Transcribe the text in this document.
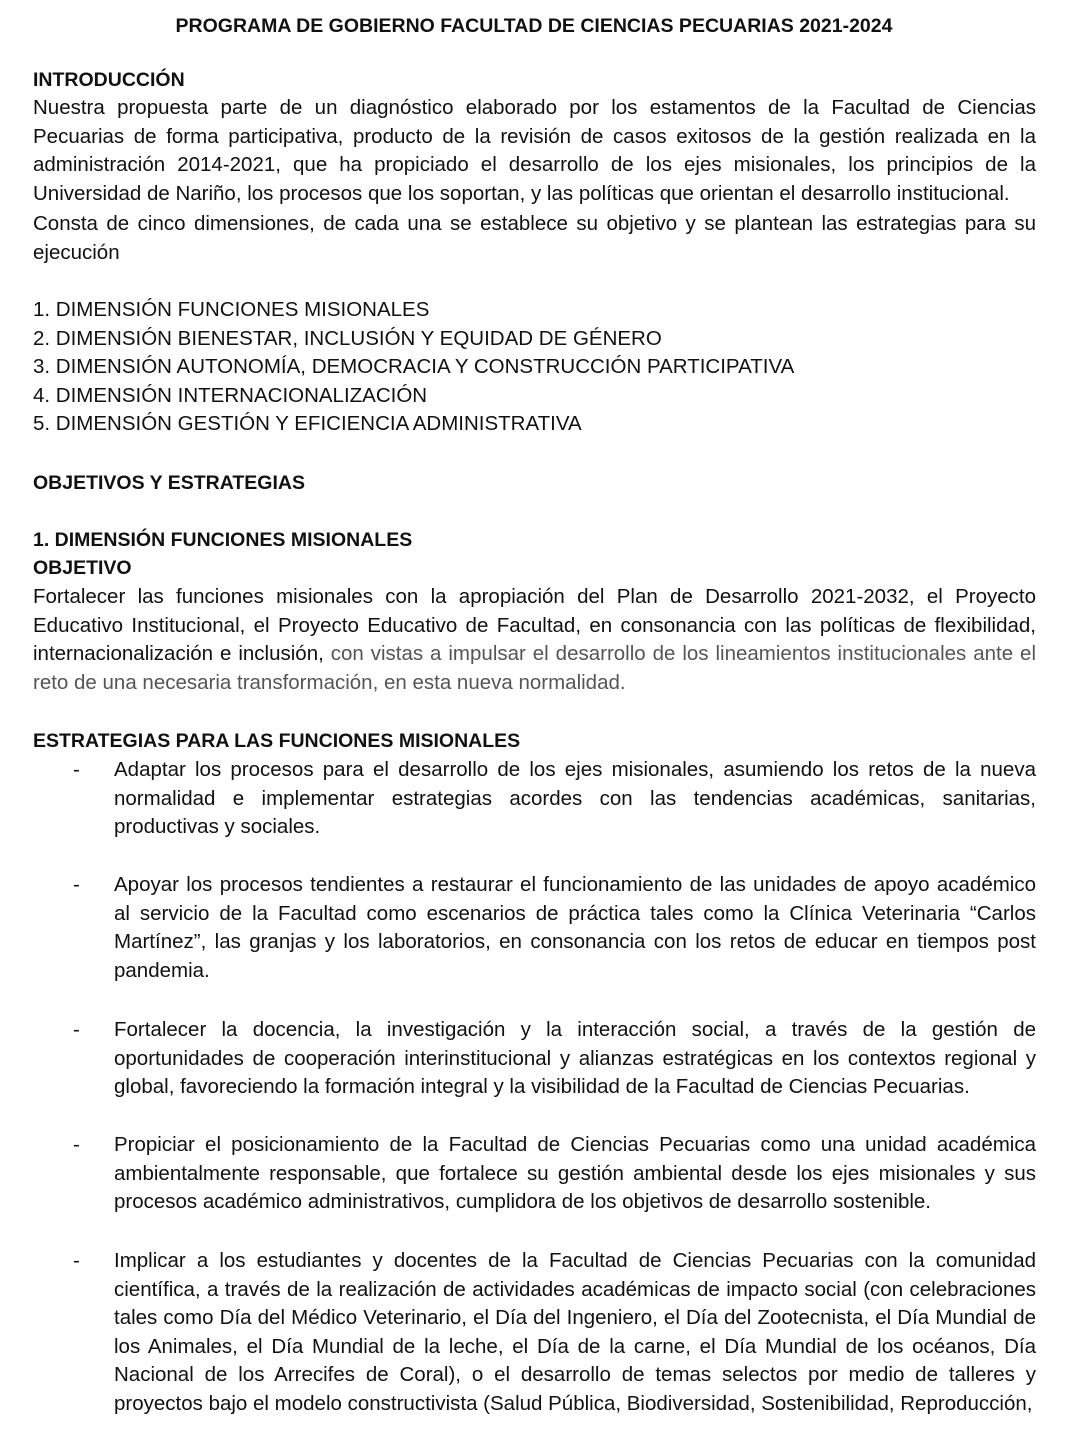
PROGRAMA DE GOBIERNO FACULTAD DE CIENCIAS PECUARIAS 2021-2024
INTRODUCCIÓN
Nuestra propuesta parte de un diagnóstico elaborado por los estamentos de la Facultad de Ciencias Pecuarias de forma participativa, producto de la revisión de casos exitosos de la gestión realizada en la administración 2014-2021, que ha propiciado el desarrollo de los ejes misionales, los principios de la Universidad de Nariño, los procesos que los soportan, y las políticas que orientan el desarrollo institucional.
Consta de cinco dimensiones, de cada una se establece su objetivo y se plantean las estrategias para su ejecución
1. DIMENSIÓN FUNCIONES MISIONALES
2. DIMENSIÓN BIENESTAR, INCLUSIÓN Y EQUIDAD DE GÉNERO
3. DIMENSIÓN AUTONOMÍA, DEMOCRACIA Y CONSTRUCCIÓN PARTICIPATIVA
4. DIMENSIÓN INTERNACIONALIZACIÓN
5. DIMENSIÓN GESTIÓN Y EFICIENCIA ADMINISTRATIVA
OBJETIVOS Y ESTRATEGIAS
1. DIMENSIÓN FUNCIONES MISIONALES
OBJETIVO
Fortalecer las funciones misionales con la apropiación del Plan de Desarrollo 2021-2032, el Proyecto Educativo Institucional, el Proyecto Educativo de Facultad, en consonancia con las políticas de flexibilidad, internacionalización e inclusión, con vistas a impulsar el desarrollo de los lineamientos institucionales ante el reto de una necesaria transformación, en esta nueva normalidad.
ESTRATEGIAS PARA LAS FUNCIONES MISIONALES
- Adaptar los procesos para el desarrollo de los ejes misionales, asumiendo los retos de la nueva normalidad e implementar estrategias acordes con las tendencias académicas, sanitarias, productivas y sociales.
- Apoyar los procesos tendientes a restaurar el funcionamiento de las unidades de apoyo académico al servicio de la Facultad como escenarios de práctica tales como la Clínica Veterinaria “Carlos Martínez”, las granjas y los laboratorios, en consonancia con los retos de educar en tiempos post pandemia.
- Fortalecer la docencia, la investigación y la interacción social, a través de la gestión de oportunidades de cooperación interinstitucional y alianzas estratégicas en los contextos regional y global, favoreciendo la formación integral y la visibilidad de la Facultad de Ciencias Pecuarias.
- Propiciar el posicionamiento de la Facultad de Ciencias Pecuarias como una unidad académica ambientalmente responsable, que fortalece su gestión ambiental desde los ejes misionales y sus procesos académico administrativos, cumplidora de los objetivos de desarrollo sostenible.
- Implicar a los estudiantes y docentes de la Facultad de Ciencias Pecuarias con la comunidad científica, a través de la realización de actividades académicas de impacto social (con celebraciones tales como Día del Médico Veterinario, el Día del Ingeniero, el Día del Zootecnista, el Día Mundial de los Animales, el Día Mundial de la leche, el Día de la carne, el Día Mundial de los océanos, Día Nacional de los Arrecifes de Coral), o el desarrollo de temas selectos por medio de talleres y proyectos bajo el modelo constructivista (Salud Pública, Biodiversidad, Sostenibilidad, Reproducción,
